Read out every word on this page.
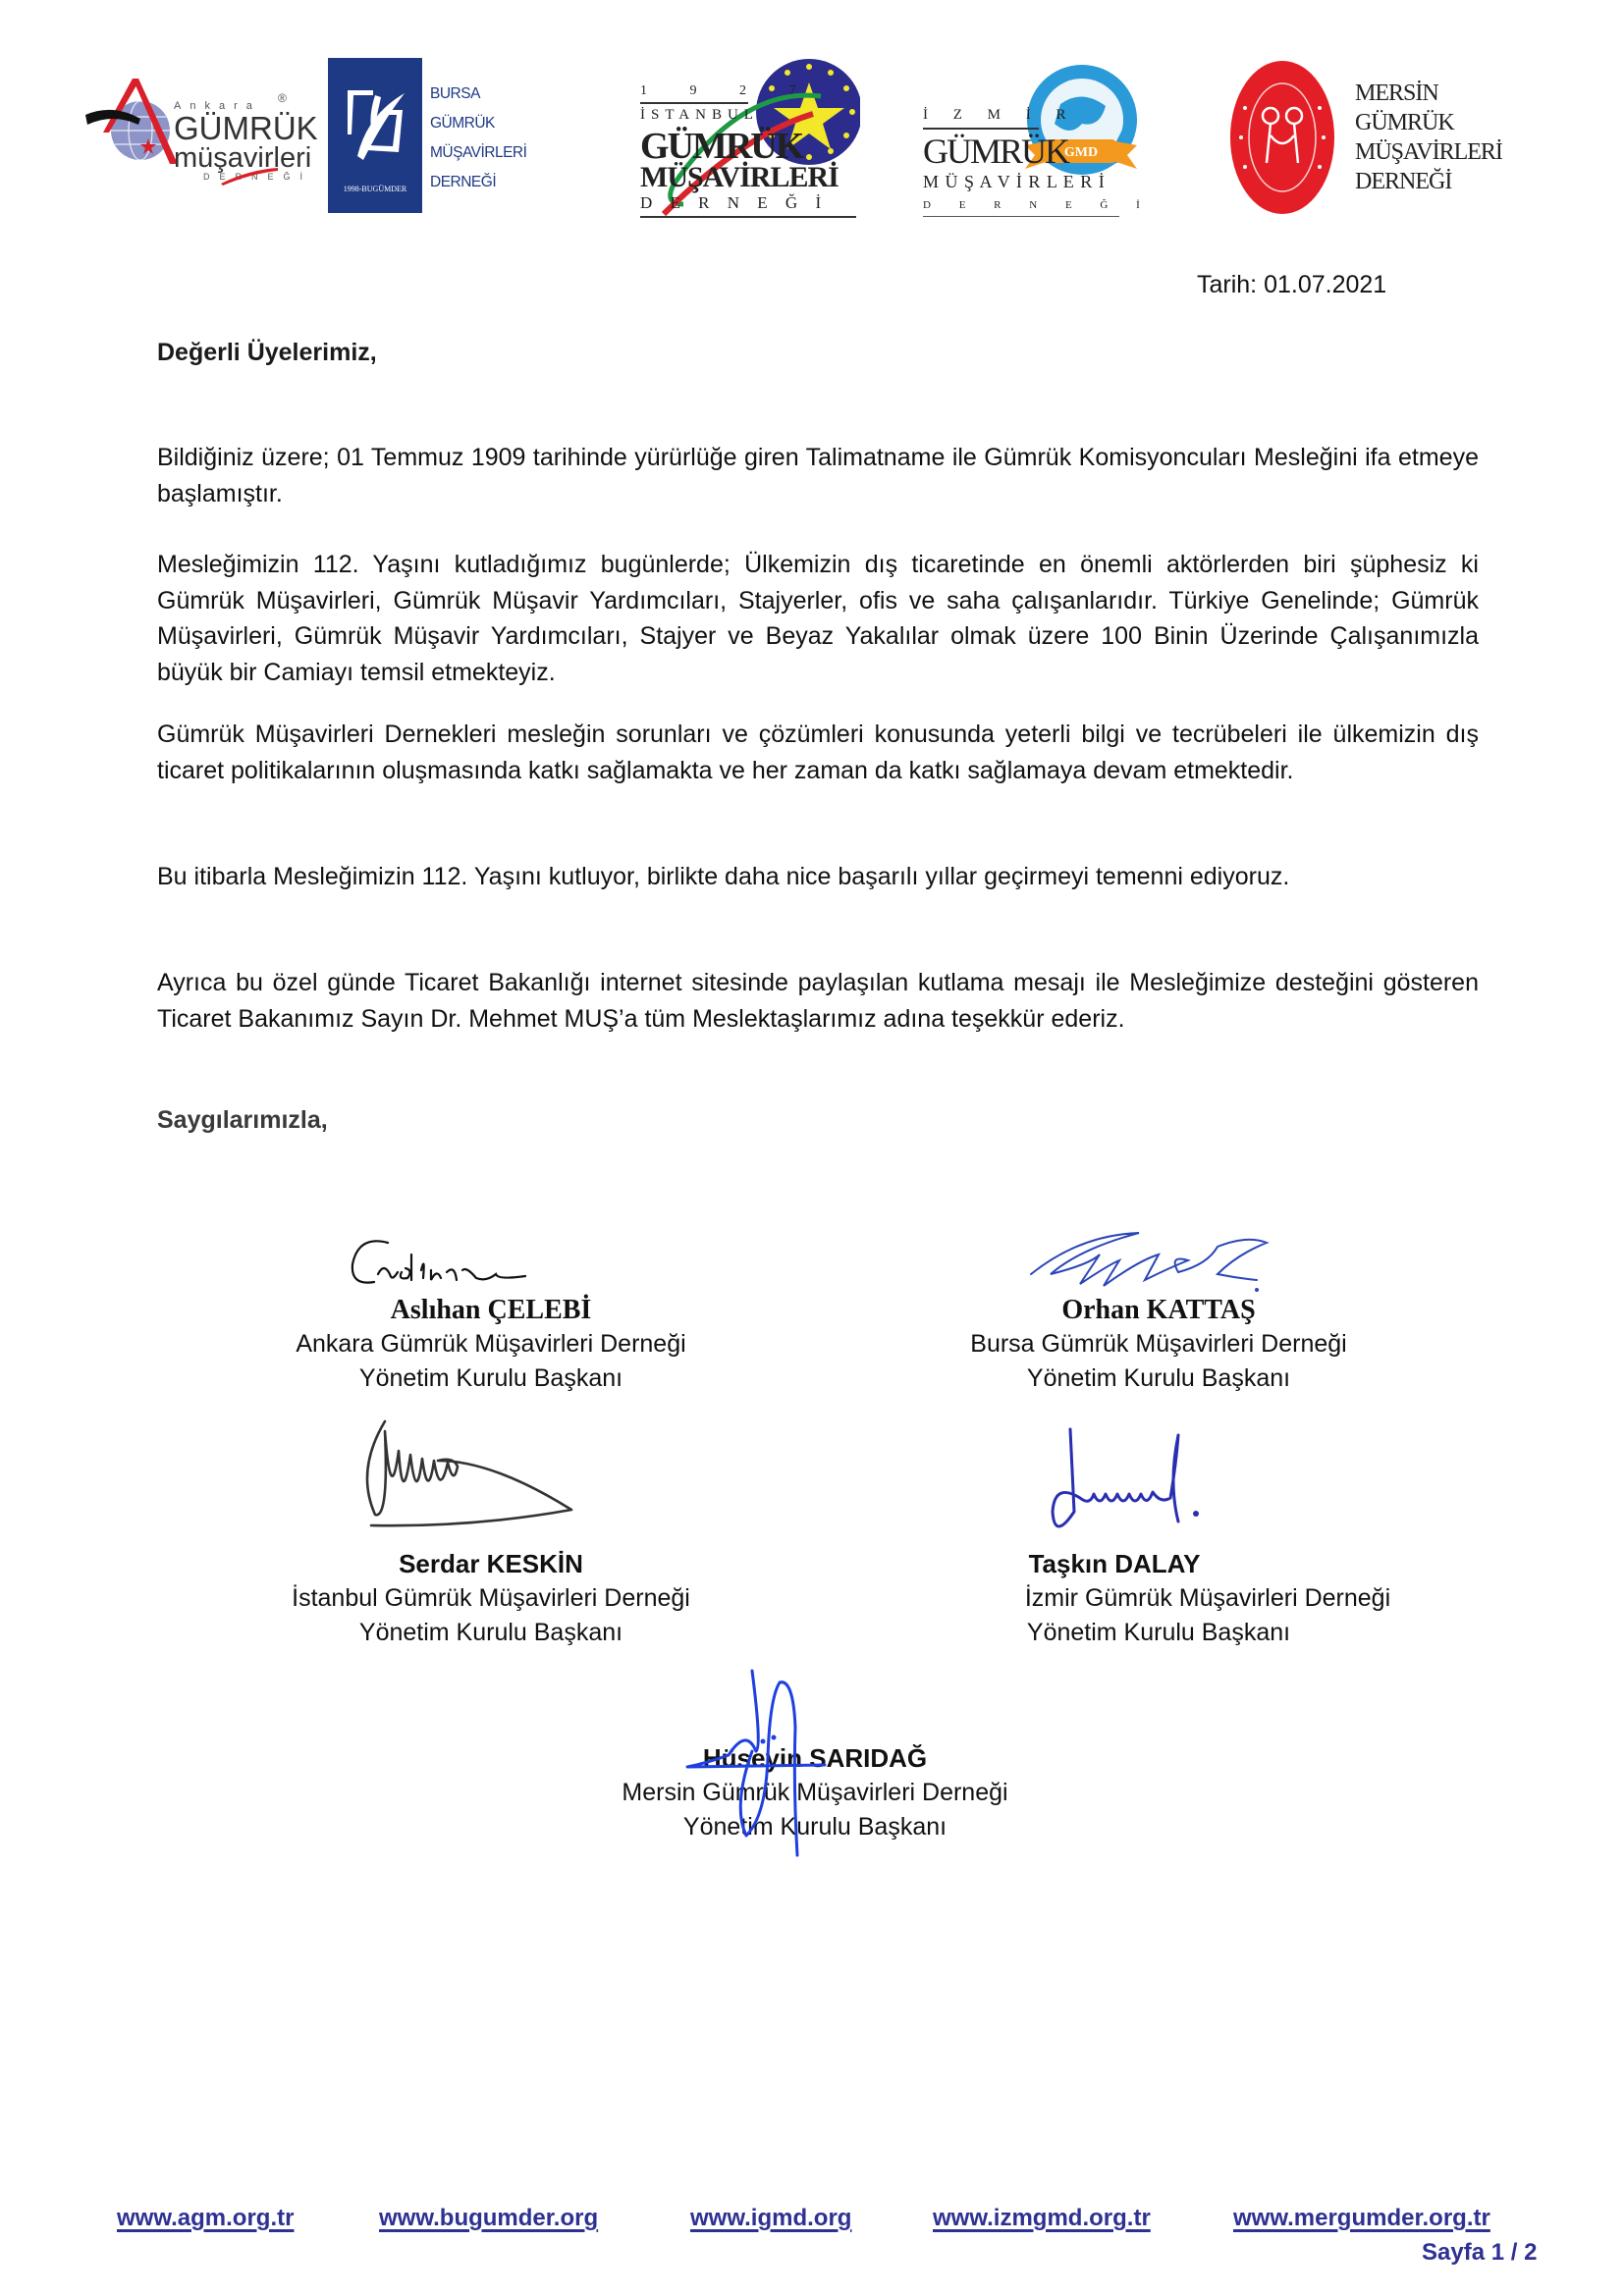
Ankara
GÜMRÜK
müşavirleri
DERNEĞİ
®
1998-BUGÜMDER
BURSA
GÜMRÜK
MÜŞAVİRLERİ
DERNEĞİ
1 9 2 7
İSTANBUL
GÜMRÜK
MÜŞAVİRLERİ
D E R N E Ğ İ
GMD
İ Z M İ R
GÜMRÜK
M Ü Ş A V İ R L E R İ
D E R N E Ğ İ
MERSİN
GÜMRÜK
MÜŞAVİRLERİ
DERNEĞİ
Tarih: 01.07.2021
Değerli Üyelerimiz,
Bildiğiniz üzere; 01 Temmuz 1909 tarihinde yürürlüğe giren Talimatname ile Gümrük Komisyoncuları Mesleğini ifa etmeye başlamıştır.
Mesleğimizin 112. Yaşını kutladığımız bugünlerde; Ülkemizin dış ticaretinde en önemli aktörlerden biri şüphesiz ki Gümrük Müşavirleri, Gümrük Müşavir Yardımcıları, Stajyerler, ofis ve saha çalışanlarıdır. Türkiye Genelinde; Gümrük Müşavirleri, Gümrük Müşavir Yardımcıları, Stajyer ve Beyaz Yakalılar olmak üzere 100 Binin Üzerinde Çalışanımızla büyük bir Camiayı temsil etmekteyiz.
Gümrük Müşavirleri Dernekleri mesleğin sorunları ve çözümleri konusunda yeterli bilgi ve tecrübeleri ile ülkemizin dış ticaret politikalarının oluşmasında katkı sağlamakta ve her zaman da katkı sağlamaya devam etmektedir.
Bu itibarla Mesleğimizin 112. Yaşını kutluyor, birlikte daha nice başarılı yıllar geçirmeyi temenni ediyoruz.
Ayrıca bu özel günde Ticaret Bakanlığı internet sitesinde paylaşılan kutlama mesajı ile Mesleğimize desteğini gösteren Ticaret Bakanımız Sayın Dr. Mehmet MUŞ’a tüm Meslektaşlarımız adına teşekkür ederiz.
Saygılarımızla,
Aslıhan ÇELEBİ
Ankara Gümrük Müşavirleri Derneği
Yönetim Kurulu Başkanı
Orhan KATTAŞ
Bursa Gümrük Müşavirleri Derneği
Yönetim Kurulu Başkanı
Serdar KESKİN
İstanbul Gümrük Müşavirleri Derneği
Yönetim Kurulu Başkanı
Taşkın DALAY
İzmir Gümrük Müşavirleri Derneği
Yönetim Kurulu Başkanı
Hüseyin SARIDAĞ
Mersin Gümrük Müşavirleri Derneği
Yönetim Kurulu Başkanı
www.agm.org.tr	www.bugumder.org	www.igmd.org	www.izmgmd.org.tr	www.mergumder.org.tr
Sayfa 1 / 2
